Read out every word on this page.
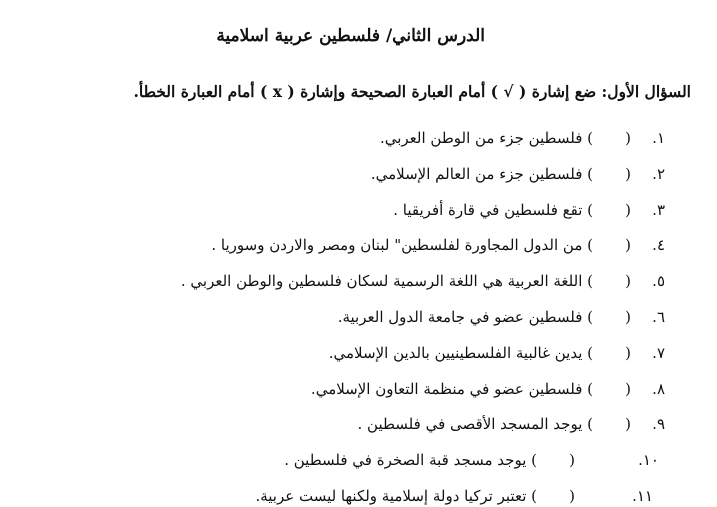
الدرس الثاني/ فلسطين عربية اسلامية
السؤال الأول: ضع إشارة ( √ ) أمام العبارة الصحيحة وإشارة ( x ) أمام العبارة الخطأ.
١.
(
) فلسطين جزء من الوطن العربي.
٢.
(
) فلسطين جزء من العالم الإسلامي.
٣.
(
) تقع فلسطين في قارة أفريقيا .
٤.
(
) من الدول المجاورة لفلسطين" لبنان ومصر والاردن وسوريا .
٥.
(
) اللغة العربية هي اللغة الرسمية لسكان فلسطين والوطن العربي .
٦.
(
) فلسطين عضو في جامعة الدول العربية.
٧.
(
) يدين غالبية الفلسطينيين بالدين الإسلامي.
٨.
(
) فلسطين عضو في منظمة التعاون الإسلامي.
٩.
(
) يوجد المسجد الأقصى في فلسطين .
١٠.
(
) يوجد مسجد قبة الصخرة في فلسطين .
١١.
(
) تعتبر تركيا دولة إسلامية ولكنها ليست عربية.
